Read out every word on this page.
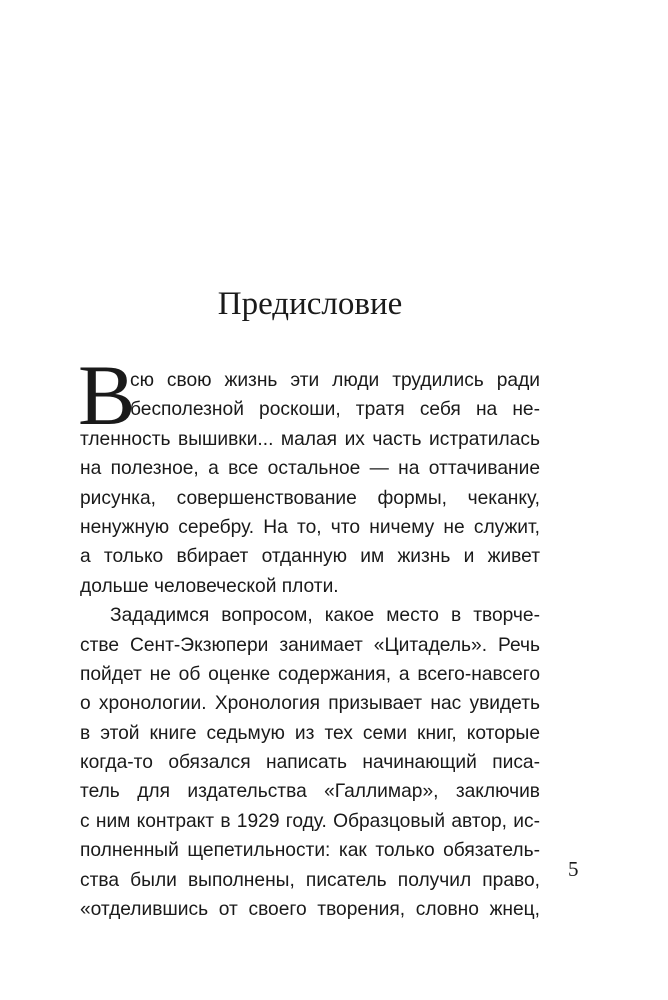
Предисловие
В
сю свою жизнь эти люди трудились ради
бесполезной роскоши, тратя себя на не-
тленность вышивки... малая их часть истратилась
на полезное, а все остальное — на оттачивание
рисунка, совершенствование формы, чеканку,
ненужную серебру. На то, что ничему не служит,
а только вбирает отданную им жизнь и живет
дольше человеческой плоти.
Зададимся вопросом, какое место в творче-
стве Сент-Экзюпери занимает «Цитадель». Речь
пойдет не об оценке содержания, а всего-навсего
о хронологии. Хронология призывает нас увидеть
в этой книге седьмую из тех семи книг, которые
когда-то обязался написать начинающий писа-
тель для издательства «Галлимар», заключив
с ним контракт в 1929 году. Образцовый автор, ис-
полненный щепетильности: как только обязатель-
ства были выполнены, писатель получил право,
«отделившись от своего творения, словно жнец,
5
